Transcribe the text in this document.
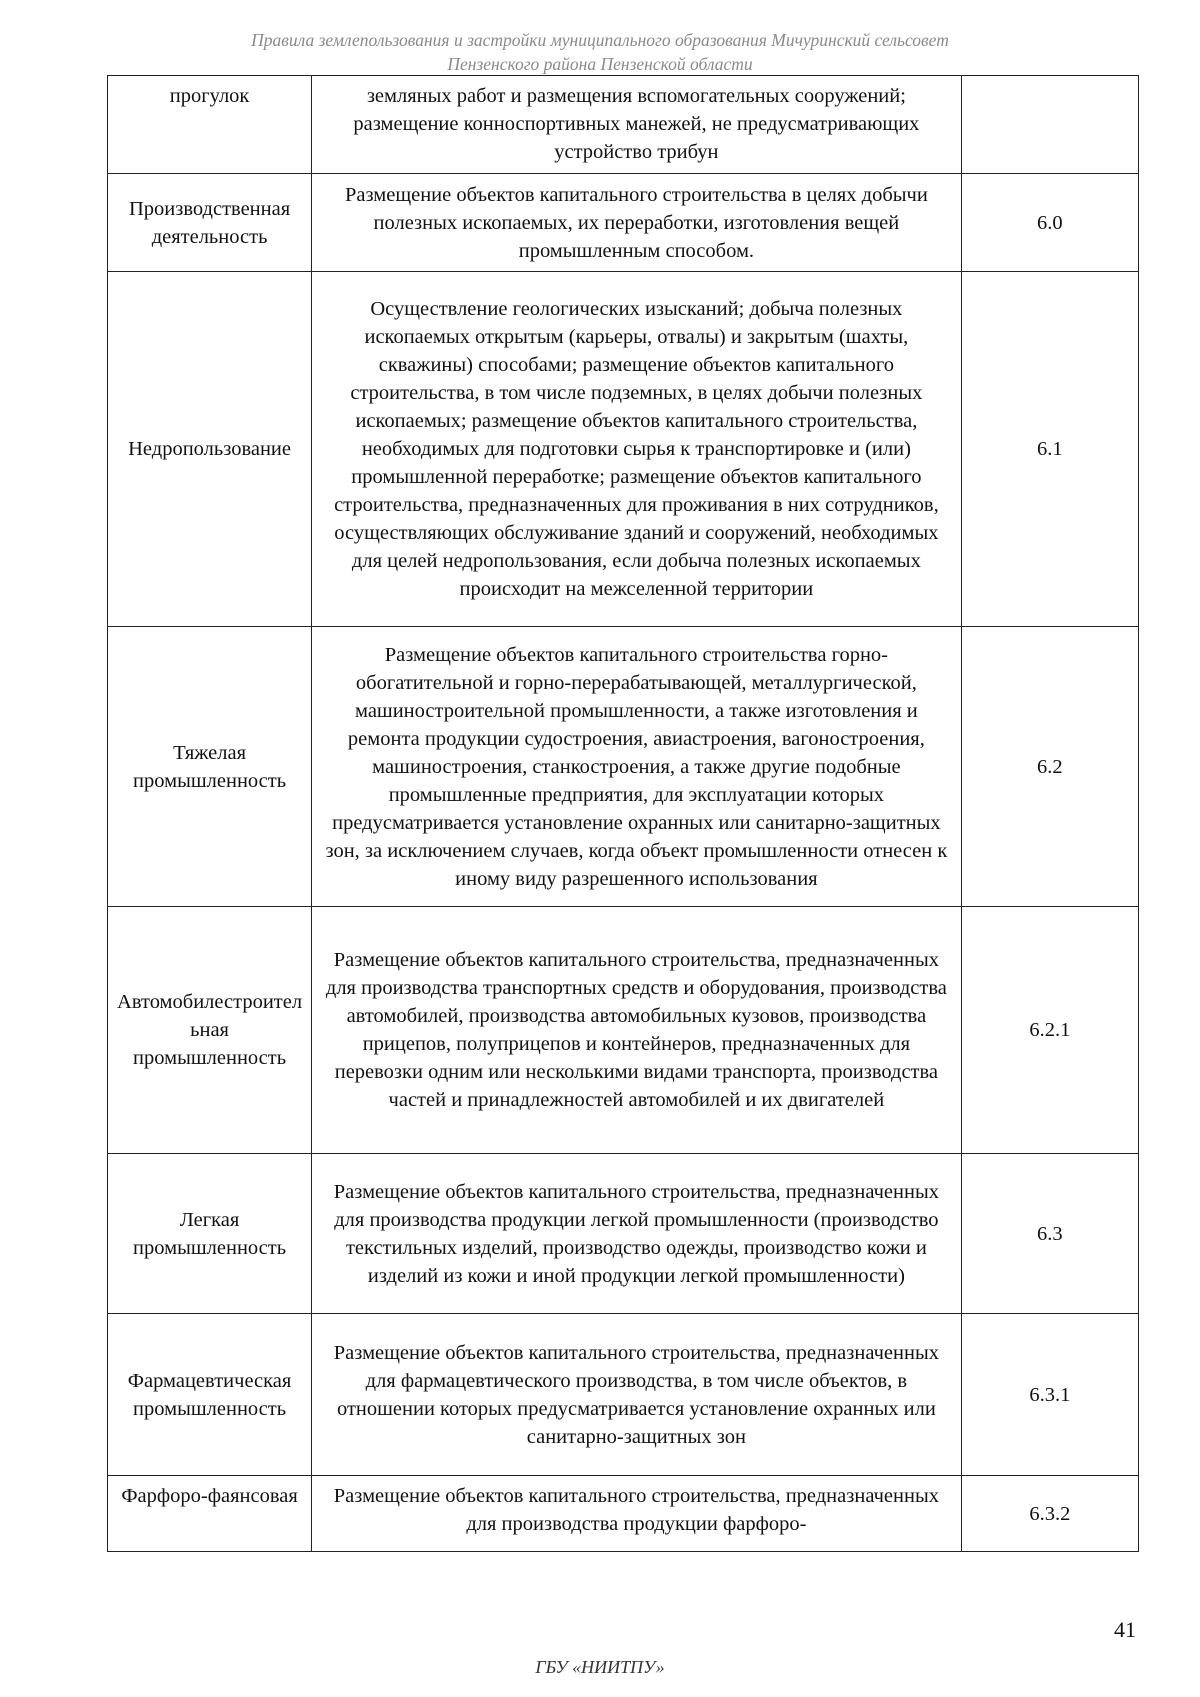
Правила землепользования и застройки муниципального образования Мичуринский сельсовет
Пензенского района Пензенской области
прогулок	земляных работ и размещения вспомогательных сооружений; размещение конноспортивных манежей, не предусматривающих устройство трибун	
Производственная деятельность	Размещение объектов капитального строительства в целях добычи полезных ископаемых, их переработки, изготовления вещей промышленным способом.	6.0
Недропользование	Осуществление геологических изысканий; добыча полезных ископаемых открытым (карьеры, отвалы) и закрытым (шахты, скважины) способами; размещение объектов капитального строительства, в том числе подземных, в целях добычи полезных ископаемых; размещение объектов капитального строительства, необходимых для подготовки сырья к транспортировке и (или) промышленной переработке; размещение объектов капитального строительства, предназначенных для проживания в них сотрудников, осуществляющих обслуживание зданий и сооружений, необходимых для целей недропользования, если добыча полезных ископаемых происходит на межселенной территории	6.1
Тяжелая промышленность	Размещение объектов капитального строительства горно-обогатительной и горно-перерабатывающей, металлургической, машиностроительной промышленности, а также изготовления и ремонта продукции судостроения, авиастроения, вагоностроения, машиностроения, станкостроения, а также другие подобные промышленные предприятия, для эксплуатации которых предусматривается установление охранных или санитарно-защитных зон, за исключением случаев, когда объект промышленности отнесен к иному виду разрешенного использования	6.2
Автомобилестроительная промышленность	Размещение объектов капитального строительства, предназначенных для производства транспортных средств и оборудования, производства автомобилей, производства автомобильных кузовов, производства прицепов, полуприцепов и контейнеров, предназначенных для перевозки одним или несколькими видами транспорта, производства частей и принадлежностей автомобилей и их двигателей	6.2.1
Легкая промышленность	Размещение объектов капитального строительства, предназначенных для производства продукции легкой промышленности (производство текстильных изделий, производство одежды, производство кожи и изделий из кожи и иной продукции легкой промышленности)	6.3
Фармацевтическая промышленность	Размещение объектов капитального строительства, предназначенных для фармацевтического производства, в том числе объектов, в отношении которых предусматривается установление охранных или санитарно-защитных зон	6.3.1
Фарфоро-фаянсовая	Размещение объектов капитального строительства, предназначенных для производства продукции фарфоро-	6.3.2
41
ГБУ «НИИТПУ»
